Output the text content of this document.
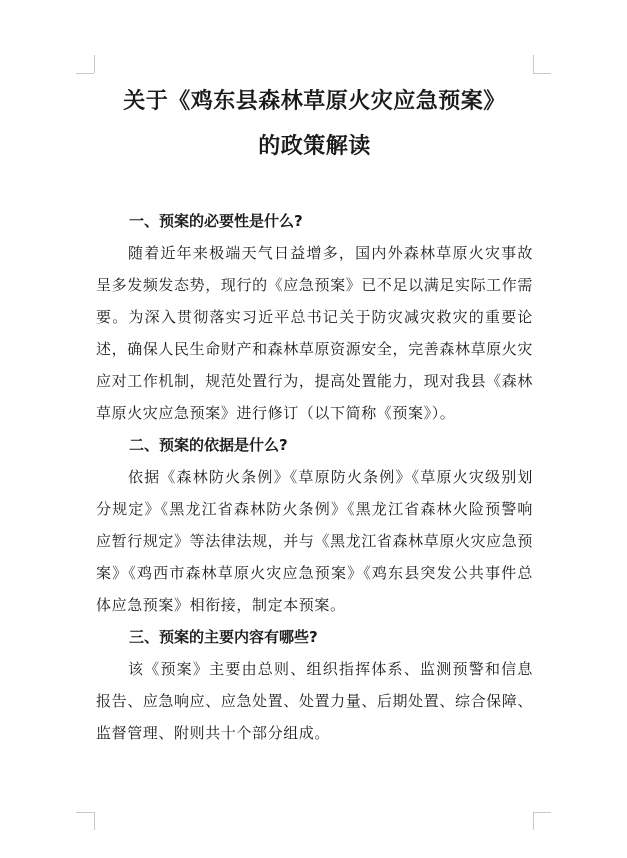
关于《鸡东县森林草原火灾应急预案》
的政策解读

一、预案的必要性是什么?

随着近年来极端天气日益增多，国内外森林草原火灾事故呈多发频发态势，现行的《应急预案》已不足以满足实际工作需要。为深入贯彻落实习近平总书记关于防灾减灾救灾的重要论述，确保人民生命财产和森林草原资源安全，完善森林草原火灾应对工作机制，规范处置行为，提高处置能力，现对我县《森林草原火灾应急预案》进行修订（以下简称《预案》）。

二、预案的依据是什么?

依据《森林防火条例》《草原防火条例》《草原火灾级别划分规定》《黑龙江省森林防火条例》《黑龙江省森林火险预警响应暂行规定》等法律法规，并与《黑龙江省森林草原火灾应急预案》《鸡西市森林草原火灾应急预案》《鸡东县突发公共事件总体应急预案》相衔接，制定本预案。

三、预案的主要内容有哪些?

该《预案》主要由总则、组织指挥体系、监测预警和信息报告、应急响应、应急处置、处置力量、后期处置、综合保障、监督管理、附则共十个部分组成。
